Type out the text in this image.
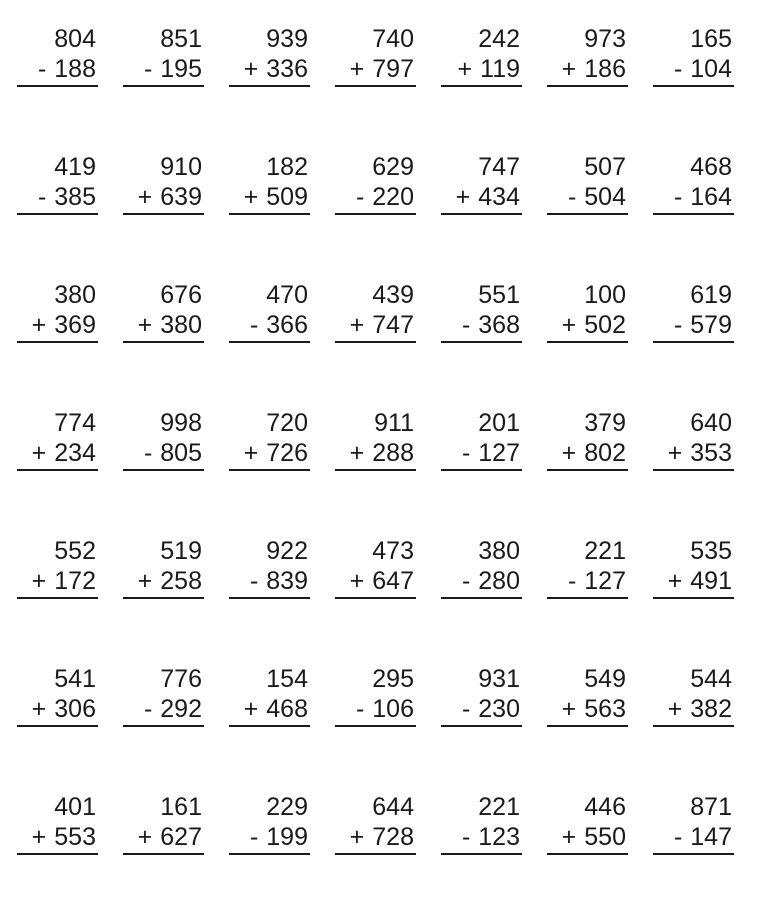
804
- 188
851
- 195
939
+ 336
740
+ 797
242
+ 119
973
+ 186
165
- 104
419
- 385
910
+ 639
182
+ 509
629
- 220
747
+ 434
507
- 504
468
- 164
380
+ 369
676
+ 380
470
- 366
439
+ 747
551
- 368
100
+ 502
619
- 579
774
+ 234
998
- 805
720
+ 726
911
+ 288
201
- 127
379
+ 802
640
+ 353
552
+ 172
519
+ 258
922
- 839
473
+ 647
380
- 280
221
- 127
535
+ 491
541
+ 306
776
- 292
154
+ 468
295
- 106
931
- 230
549
+ 563
544
+ 382
401
+ 553
161
+ 627
229
- 199
644
+ 728
221
- 123
446
+ 550
871
- 147
